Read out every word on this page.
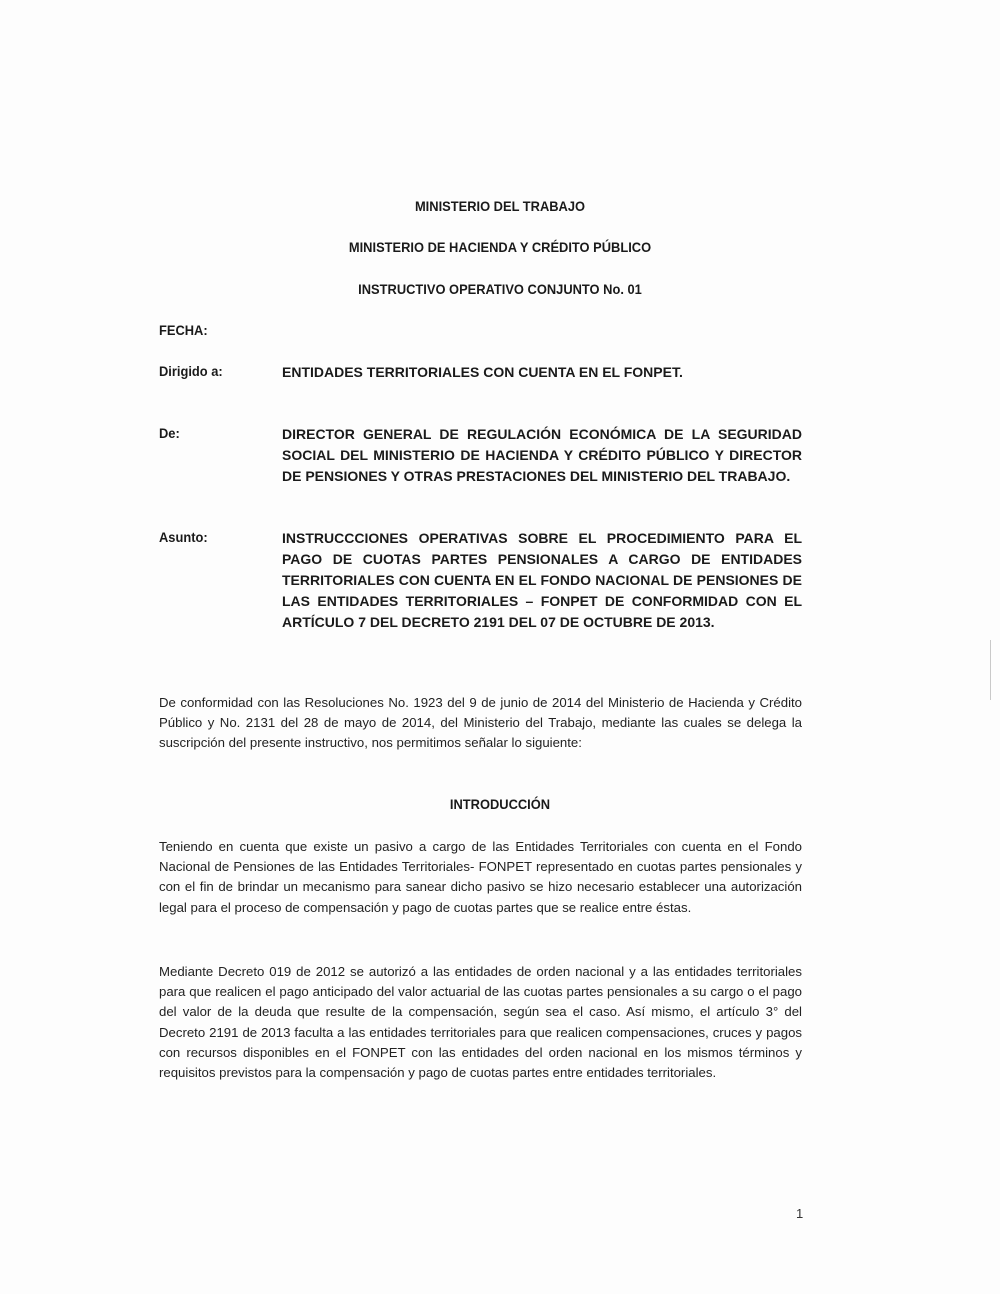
MINISTERIO DEL TRABAJO
MINISTERIO DE HACIENDA Y CRÉDITO PÚBLICO
INSTRUCTIVO OPERATIVO CONJUNTO No. 01
FECHA:
Dirigido a:	ENTIDADES TERRITORIALES CON CUENTA EN EL FONPET.
De:	DIRECTOR GENERAL DE REGULACIÓN ECONÓMICA DE LA SEGURIDAD SOCIAL DEL MINISTERIO DE HACIENDA Y CRÉDITO PÚBLICO Y DIRECTOR DE PENSIONES Y OTRAS PRESTACIONES DEL MINISTERIO DEL TRABAJO.
Asunto:	INSTRUCCCIONES OPERATIVAS SOBRE EL PROCEDIMIENTO PARA EL PAGO DE CUOTAS PARTES PENSIONALES A CARGO DE ENTIDADES TERRITORIALES CON CUENTA EN EL FONDO NACIONAL DE PENSIONES DE LAS ENTIDADES TERRITORIALES – FONPET DE CONFORMIDAD CON EL ARTÍCULO 7 DEL DECRETO 2191 DEL 07 DE OCTUBRE DE 2013.
De conformidad con las Resoluciones No. 1923 del 9 de junio de 2014 del Ministerio de Hacienda y Crédito Público y No. 2131 del 28 de mayo de 2014, del Ministerio del Trabajo, mediante las cuales se delega la suscripción del presente instructivo, nos permitimos señalar lo siguiente:
INTRODUCCIÓN
Teniendo en cuenta que existe un pasivo a cargo de las Entidades Territoriales con cuenta en el Fondo Nacional de Pensiones de las Entidades Territoriales- FONPET representado en cuotas partes pensionales y con el fin de brindar un mecanismo para sanear dicho pasivo se hizo necesario establecer una autorización legal para el proceso de compensación y pago de cuotas partes que se realice entre éstas.
Mediante Decreto 019 de 2012 se autorizó a las entidades de orden nacional y a las entidades territoriales para que realicen el pago anticipado del valor actuarial de las cuotas partes pensionales a su cargo o el pago del valor de la deuda que resulte de la compensación, según sea el caso. Así mismo, el artículo 3° del Decreto 2191 de 2013 faculta a las entidades territoriales para que realicen compensaciones, cruces y pagos con recursos disponibles en el FONPET con las entidades del orden nacional en los mismos términos y requisitos previstos para la compensación y pago de cuotas partes entre entidades territoriales.
1
